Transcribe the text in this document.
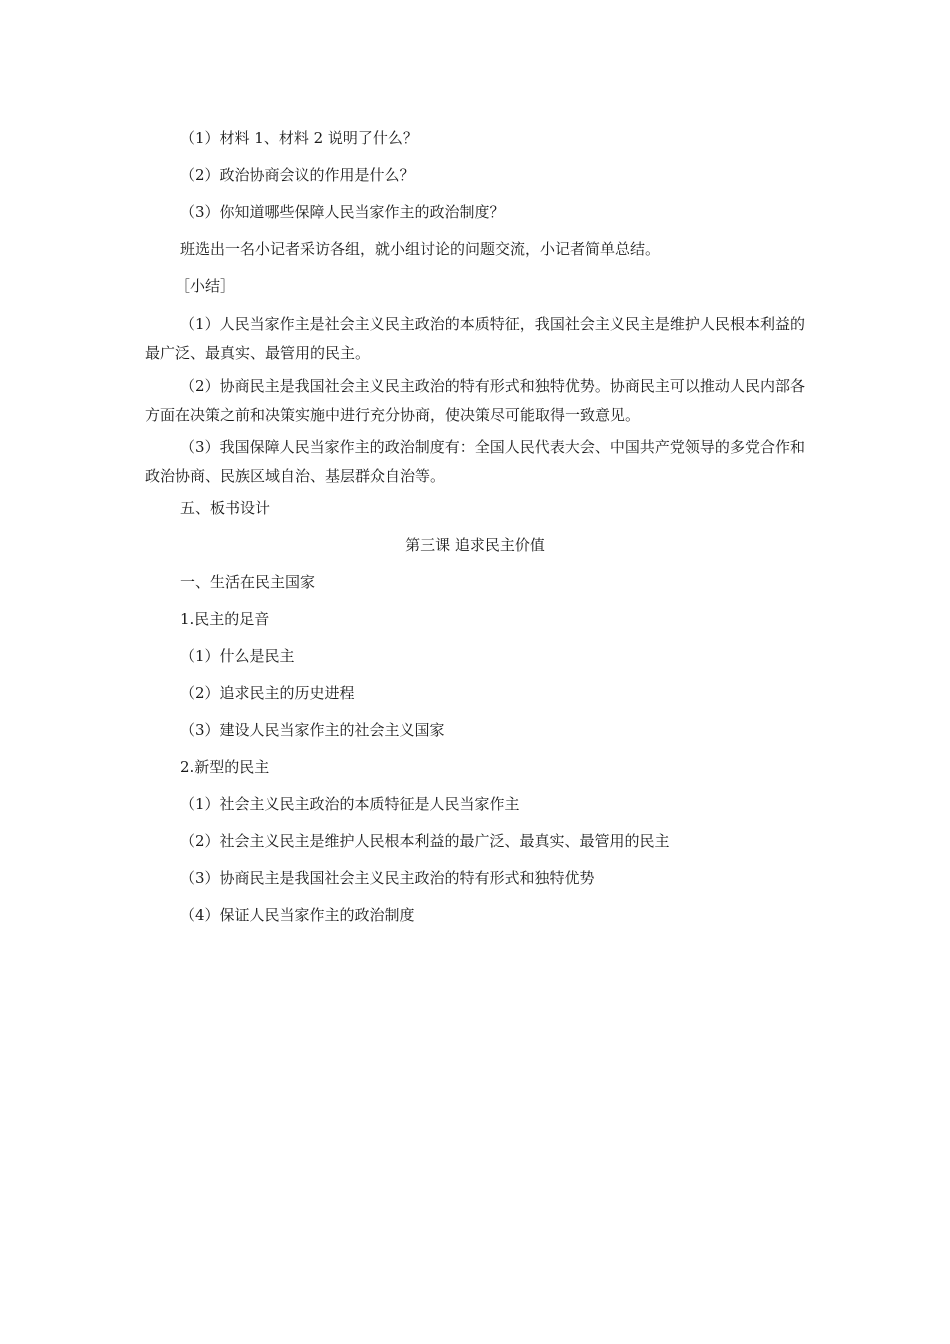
（1）材料 1、材料 2 说明了什么？
（2）政治协商会议的作用是什么？
（3）你知道哪些保障人民当家作主的政治制度？
班选出一名小记者采访各组，就小组讨论的问题交流，小记者简单总结。
［小结］
（1）人民当家作主是社会主义民主政治的本质特征，我国社会主义民主是维护人民根本利益的最广泛、最真实、最管用的民主。
（2）协商民主是我国社会主义民主政治的特有形式和独特优势。协商民主可以推动人民内部各方面在决策之前和决策实施中进行充分协商，使决策尽可能取得一致意见。
（3）我国保障人民当家作主的政治制度有：全国人民代表大会、中国共产党领导的多党合作和政治协商、民族区域自治、基层群众自治等。
五、板书设计
第三课 追求民主价值
一、生活在民主国家
1.民主的足音
（1）什么是民主
（2）追求民主的历史进程
（3）建设人民当家作主的社会主义国家
2.新型的民主
（1）社会主义民主政治的本质特征是人民当家作主
（2）社会主义民主是维护人民根本利益的最广泛、最真实、最管用的民主
（3）协商民主是我国社会主义民主政治的特有形式和独特优势
（4）保证人民当家作主的政治制度
